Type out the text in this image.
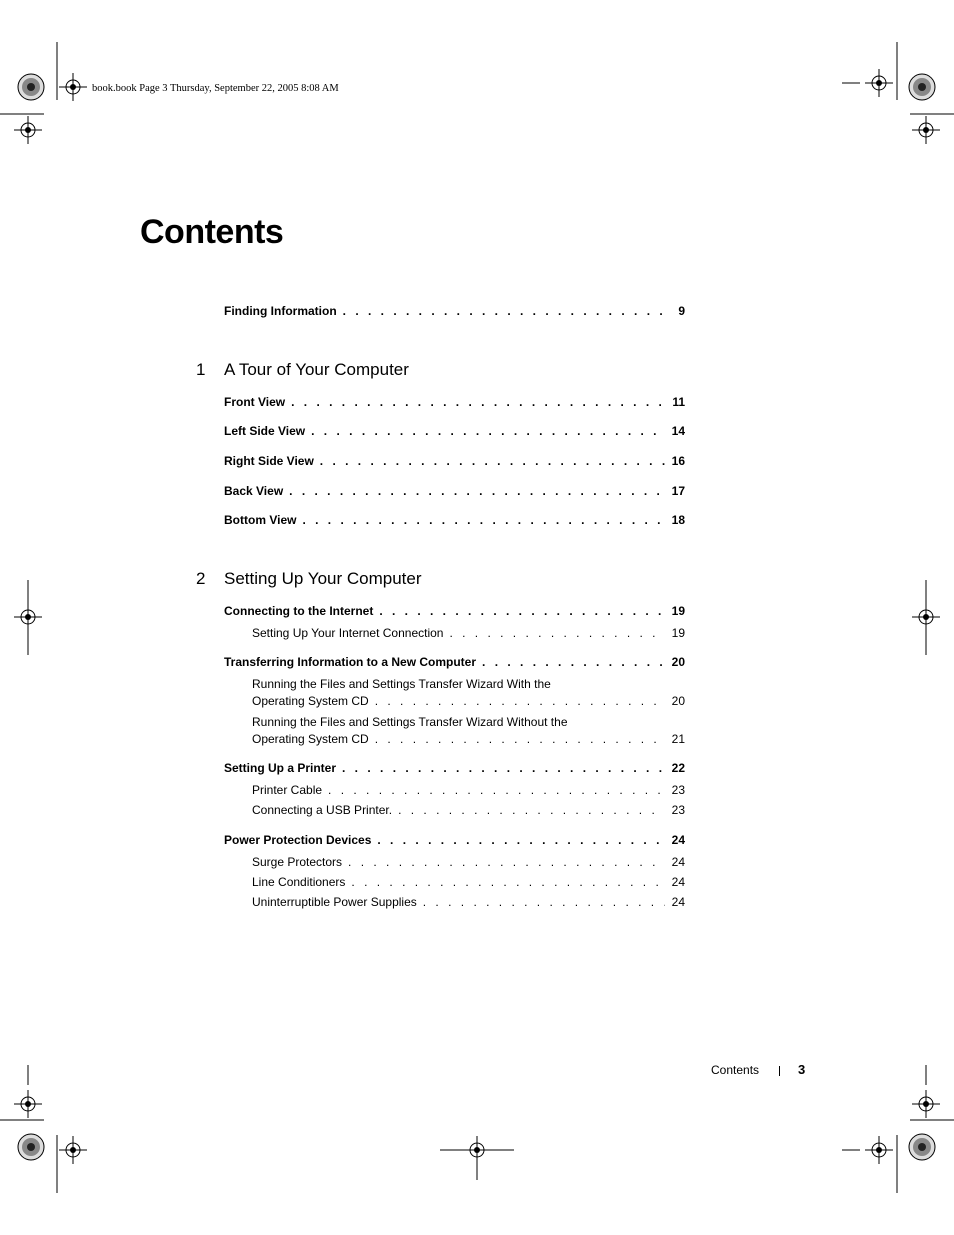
book.book Page 3 Thursday, September 22, 2005 8:08 AM
Contents
Finding Information . . .	9
1 A Tour of Your Computer
Front View . . .	11
Left Side View . . .	14
Right Side View . . .	16
Back View . . .	17
Bottom View . . .	18
2 Setting Up Your Computer
Connecting to the Internet . . .	19
Setting Up Your Internet Connection . . .	19
Transferring Information to a New Computer . . .	20
Running the Files and Settings Transfer Wizard With the
Operating System CD . . .	20
Running the Files and Settings Transfer Wizard Without the
Operating System CD . . .	21
Setting Up a Printer . . .	22
Printer Cable . . .	23
Connecting a USB Printer. . . .	23
Power Protection Devices . . .	24
Surge Protectors . . .	24
Line Conditioners . . .	24
Uninterruptible Power Supplies . . .	24
Contents	3
